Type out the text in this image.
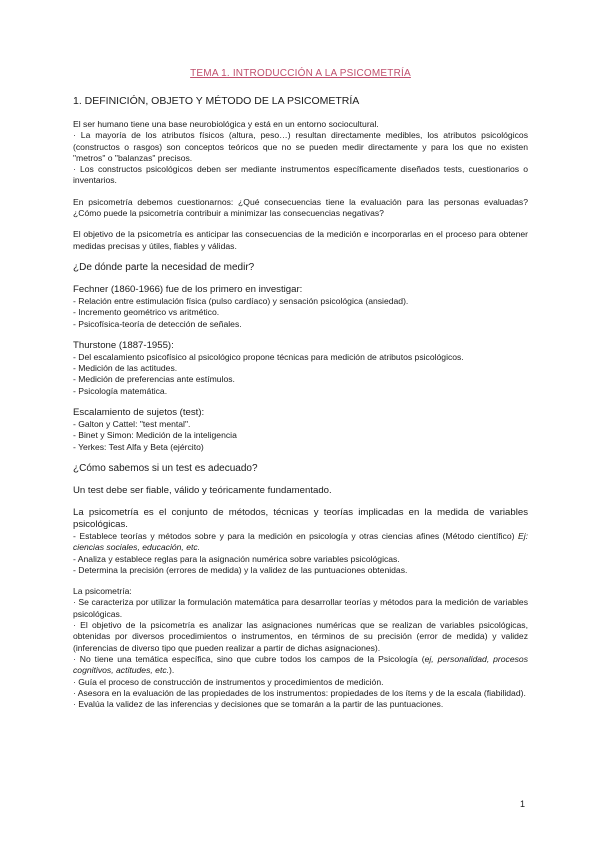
TEMA 1. INTRODUCCIÓN A LA PSICOMETRÍA
1. DEFINICIÓN, OBJETO Y MÉTODO DE LA PSICOMETRÍA

El ser humano tiene una base neurobiológica y está en un entorno sociocultural.

· La mayoría de los atributos físicos (altura, peso…) resultan directamente medibles, los atributos psicológicos (constructos o rasgos) son conceptos teóricos que no se pueden medir directamente y para los que no existen "metros" o "balanzas" precisos.

· Los constructos psicológicos deben ser mediante instrumentos específicamente diseñados tests, cuestionarios o inventarios.

En psicometría debemos cuestionarnos: ¿Qué consecuencias tiene la evaluación para las personas evaluadas? ¿Cómo puede la psicometría contribuir a minimizar las consecuencias negativas?

El objetivo de la psicometría es anticipar las consecuencias de la medición e incorporarlas en el proceso para obtener medidas precisas y útiles, fiables y válidas.

¿De dónde parte la necesidad de medir?

Fechner (1860-1966) fue de los primero en investigar:

- Relación entre estimulación física (pulso cardíaco) y sensación psicológica (ansiedad).

- Incremento geométrico vs aritmético.

- Psicofísica-teoría de detección de señales.

Thurstone (1887-1955):

- Del escalamiento psicofísico al psicológico propone técnicas para medición de atributos psicológicos.

- Medición de las actitudes.

- Medición de preferencias ante estímulos.

- Psicología matemática.

Escalamiento de sujetos (test):

- Galton y Cattel: "test mental".

- Binet y Simon: Medición de la inteligencia

- Yerkes: Test Alfa y Beta (ejército)

¿Cómo sabemos si un test es adecuado?

Un test debe ser fiable, válido y teóricamente fundamentado.

La psicometría es el conjunto de métodos, técnicas y teorías implicadas en la medida de variables psicológicas.

- Establece teorías y métodos sobre y para la medición en psicología y otras ciencias afines (Método científico) Ej: ciencias sociales, educación, etc.

- Analiza y establece reglas para la asignación numérica sobre variables psicológicas.

- Determina la precisión (errores de medida) y la validez de las puntuaciones obtenidas.

La psicometría:

· Se caracteriza por utilizar la formulación matemática para desarrollar teorías y métodos para la medición de variables psicológicas.

· El objetivo de la psicometría es analizar las asignaciones numéricas que se realizan de variables psicológicas, obtenidas por diversos procedimientos o instrumentos, en términos de su precisión (error de medida) y validez (inferencias de diverso tipo que pueden realizar a partir de dichas asignaciones).

· No tiene una temática específica, sino que cubre todos los campos de la Psicología (ej, personalidad, procesos cognitivos, actitudes, etc.).

· Guía el proceso de construcción de instrumentos y procedimientos de medición.

· Asesora en la evaluación de las propiedades de los instrumentos: propiedades de los ítems y de la escala (fiabilidad).

· Evalúa la validez de las inferencias y decisiones que se tomarán a la partir de las puntuaciones.

1
